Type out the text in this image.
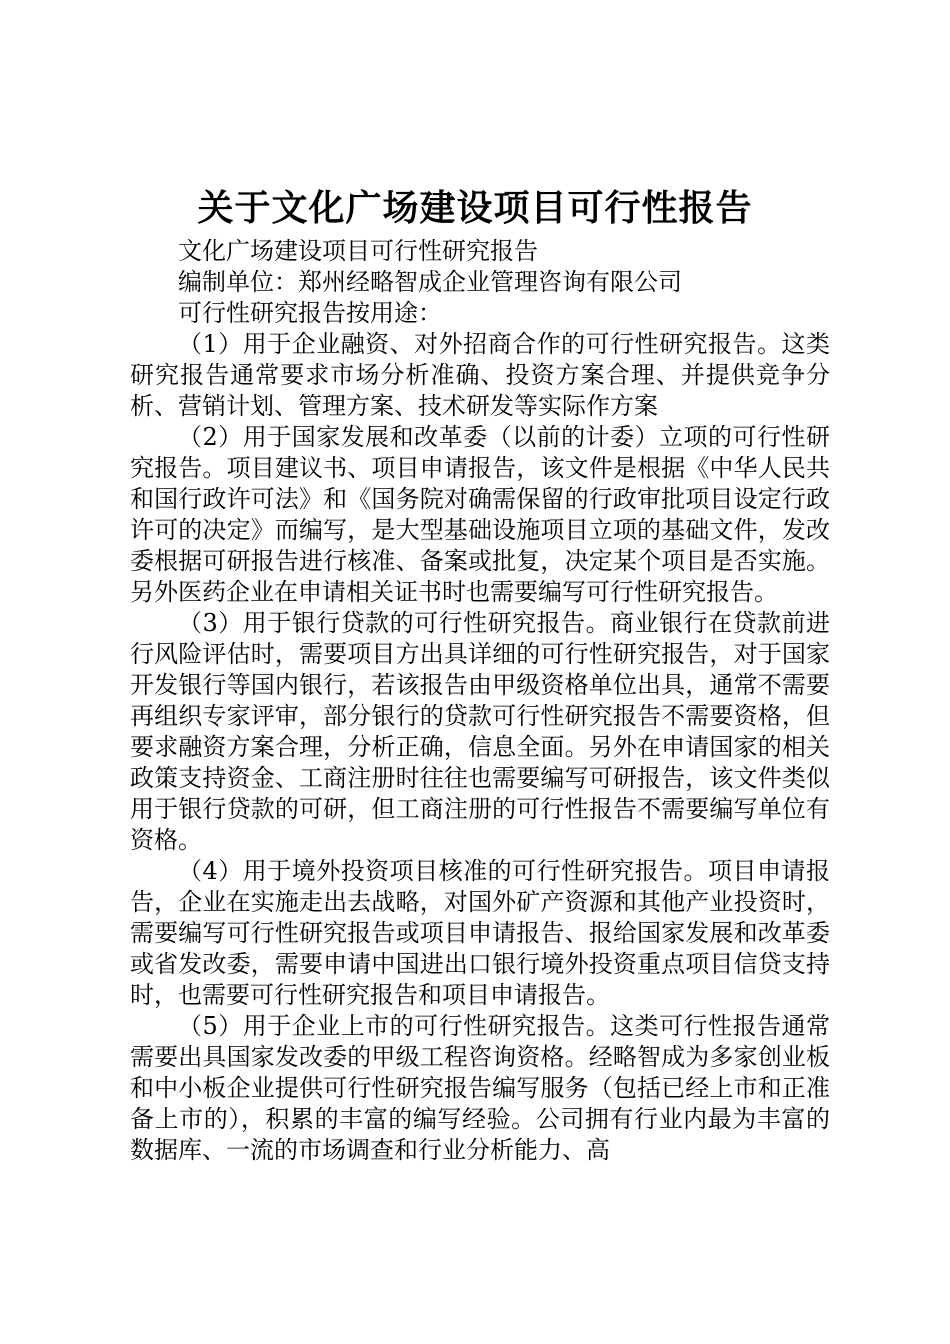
关于文化广场建设项目可行性报告

文化广场建设项目可行性研究报告

编制单位：郑州经略智成企业管理咨询有限公司

可行性研究报告按用途：

（1）用于企业融资、对外招商合作的可行性研究报告。这类研究报告通常要求市场分析准确、投资方案合理、并提供竞争分析、营销计划、管理方案、技术研发等实际作方案

（2）用于国家发展和改革委（以前的计委）立项的可行性研究报告。项目建议书、项目申请报告，该文件是根据《中华人民共和国行政许可法》和《国务院对确需保留的行政审批项目设定行政许可的决定》而编写，是大型基础设施项目立项的基础文件，发改委根据可研报告进行核准、备案或批复，决定某个项目是否实施。另外医药企业在申请相关证书时也需要编写可行性研究报告。

（3）用于银行贷款的可行性研究报告。商业银行在贷款前进行风险评估时，需要项目方出具详细的可行性研究报告，对于国家开发银行等国内银行，若该报告由甲级资格单位出具，通常不需要再组织专家评审，部分银行的贷款可行性研究报告不需要资格，但要求融资方案合理，分析正确，信息全面。另外在申请国家的相关政策支持资金、工商注册时往往也需要编写可研报告，该文件类似用于银行贷款的可研，但工商注册的可行性报告不需要编写单位有资格。

（4）用于境外投资项目核准的可行性研究报告。项目申请报告，企业在实施走出去战略，对国外矿产资源和其他产业投资时，需要编写可行性研究报告或项目申请报告、报给国家发展和改革委或省发改委，需要申请中国进出口银行境外投资重点项目信贷支持时，也需要可行性研究报告和项目申请报告。

（5）用于企业上市的可行性研究报告。这类可行性报告通常需要出具国家发改委的甲级工程咨询资格。经略智成为多家创业板和中小板企业提供可行性研究报告编写服务（包括已经上市和正准备上市的），积累的丰富的编写经验。公司拥有行业内最为丰富的数据库、一流的市场调查和行业分析能力、高
